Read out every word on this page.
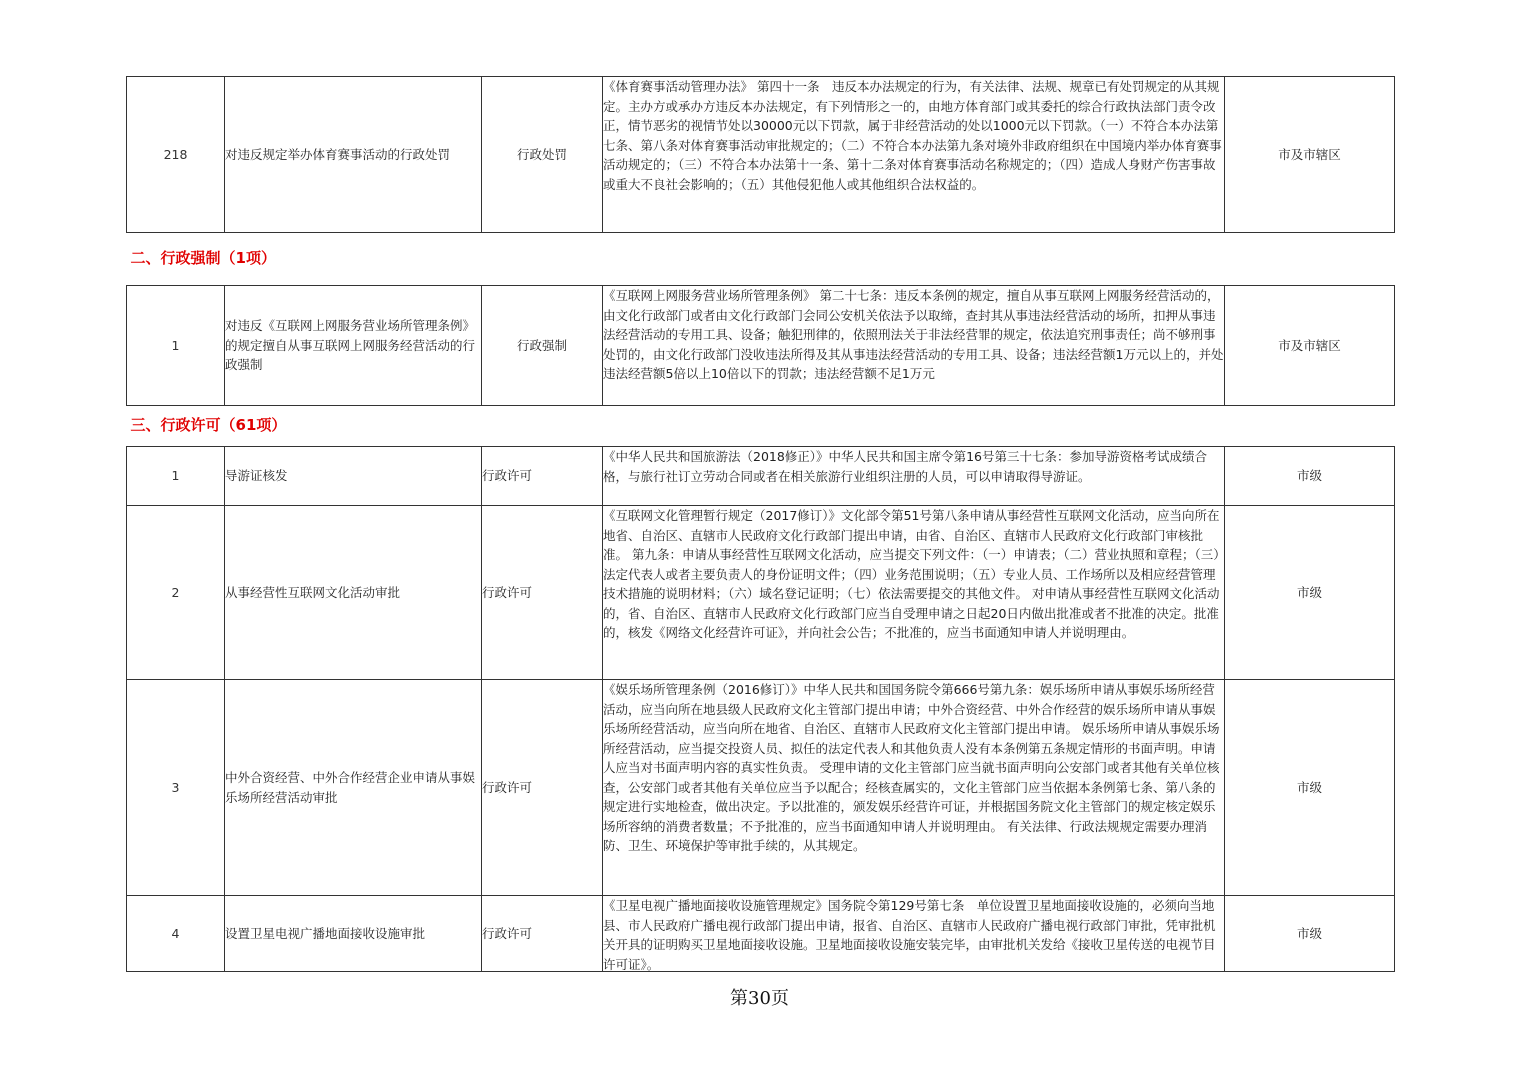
218	对违反规定举办体育赛事活动的行政处罚	行政处罚	《体育赛事活动管理办法》 第四十一条　违反本办法规定的行为，有关法律、法规、规章已有处罚规定的从其规定。主办方或承办方违反本办法规定，有下列情形之一的，由地方体育部门或其委托的综合行政执法部门责令改正，情节恶劣的视情节处以30000元以下罚款，属于非经营活动的处以1000元以下罚款。（一）不符合本办法第七条、第八条对体育赛事活动审批规定的；（二）不符合本办法第九条对境外非政府组织在中国境内举办体育赛事活动规定的；（三）不符合本办法第十一条、第十二条对体育赛事活动名称规定的；（四）造成人身财产伤害事故或重大不良社会影响的；（五）其他侵犯他人或其他组织合法权益的。	市及市辖区
二、行政强制（1项）				
1	对违反《互联网上网服务营业场所管理条例》的规定擅自从事互联网上网服务经营活动的行政强制	行政强制	《互联网上网服务营业场所管理条例》 第二十七条：违反本条例的规定，擅自从事互联网上网服务经营活动的，由文化行政部门或者由文化行政部门会同公安机关依法予以取缔，查封其从事违法经营活动的场所，扣押从事违法经营活动的专用工具、设备；触犯刑律的，依照刑法关于非法经营罪的规定，依法追究刑事责任；尚不够刑事处罚的，由文化行政部门没收违法所得及其从事违法经营活动的专用工具、设备；违法经营额1万元以上的，并处违法经营额5倍以上10倍以下的罚款；违法经营额不足1万元	市及市辖区
三、行政许可（61项）				
1	导游证核发	行政许可	《中华人民共和国旅游法（2018修正）》中华人民共和国主席令第16号第三十七条：参加导游资格考试成绩合格，与旅行社订立劳动合同或者在相关旅游行业组织注册的人员，可以申请取得导游证。	市级
2	从事经营性互联网文化活动审批	行政许可	《互联网文化管理暂行规定（2017修订）》文化部令第51号第八条申请从事经营性互联网文化活动，应当向所在地省、自治区、直辖市人民政府文化行政部门提出申请，由省、自治区、直辖市人民政府文化行政部门审核批准。 第九条：申请从事经营性互联网文化活动，应当提交下列文件：（一）申请表；（二）营业执照和章程；（三）法定代表人或者主要负责人的身份证明文件；（四）业务范围说明；（五）专业人员、工作场所以及相应经营管理技术措施的说明材料；（六）域名登记证明；（七）依法需要提交的其他文件。 对申请从事经营性互联网文化活动的，省、自治区、直辖市人民政府文化行政部门应当自受理申请之日起20日内做出批准或者不批准的决定。批准的，核发《网络文化经营许可证》，并向社会公告；不批准的，应当书面通知申请人并说明理由。	市级
3	中外合资经营、中外合作经营企业申请从事娱乐场所经营活动审批	行政许可	《娱乐场所管理条例（2016修订）》中华人民共和国国务院令第666号第九条：娱乐场所申请从事娱乐场所经营活动，应当向所在地县级人民政府文化主管部门提出申请；中外合资经营、中外合作经营的娱乐场所申请从事娱乐场所经营活动，应当向所在地省、自治区、直辖市人民政府文化主管部门提出申请。 娱乐场所申请从事娱乐场所经营活动，应当提交投资人员、拟任的法定代表人和其他负责人没有本条例第五条规定情形的书面声明。申请人应当对书面声明内容的真实性负责。 受理申请的文化主管部门应当就书面声明向公安部门或者其他有关单位核查，公安部门或者其他有关单位应当予以配合；经核查属实的，文化主管部门应当依据本条例第七条、第八条的规定进行实地检查，做出决定。予以批准的，颁发娱乐经营许可证，并根据国务院文化主管部门的规定核定娱乐场所容纳的消费者数量；不予批准的，应当书面通知申请人并说明理由。 有关法律、行政法规规定需要办理消防、卫生、环境保护等审批手续的，从其规定。	市级
4	设置卫星电视广播地面接收设施审批	行政许可	《卫星电视广播地面接收设施管理规定》国务院令第129号第七条　单位设置卫星地面接收设施的，必须向当地县、市人民政府广播电视行政部门提出申请，报省、自治区、直辖市人民政府广播电视行政部门审批，凭审批机关开具的证明购买卫星地面接收设施。卫星地面接收设施安装完毕，由审批机关发给《接收卫星传送的电视节目许可证》。	市级
第30页
